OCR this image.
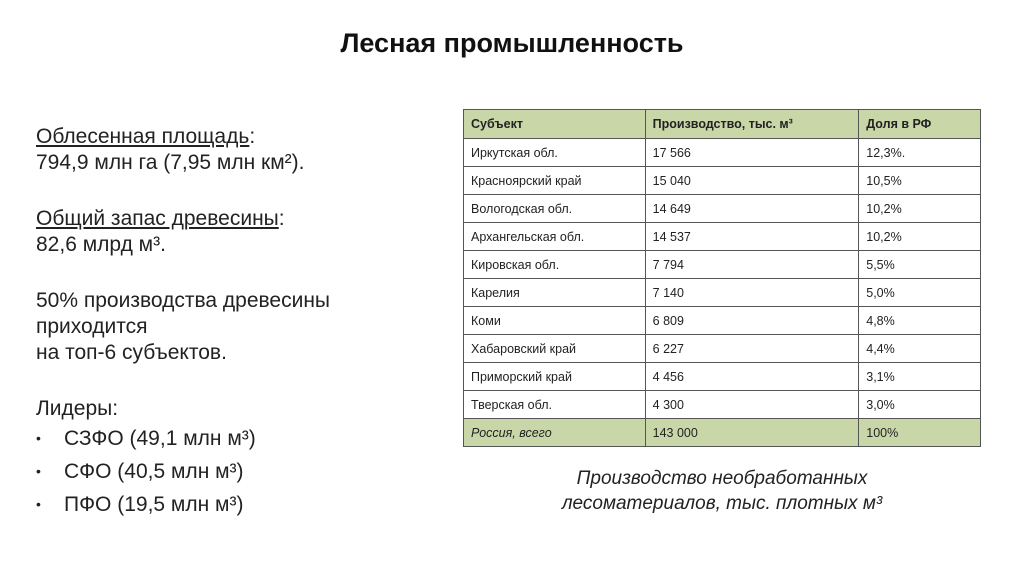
Лесная промышленность
Облесенная площадь:
794,9 млн га (7,95 млн км²).
Общий запас древесины:
82,6 млрд м³.
50% производства древесины
приходится
на топ-6 субъектов.
Лидеры:
• СЗФО (49,1 млн м³)
• СФО (40,5 млн м³)
• ПФО (19,5 млн м³)
Субъект	Производство, тыс. м³	Доля в РФ
Иркутская обл.	17 566	12,3%.
Красноярский край	15 040	10,5%
Вологодская обл.	14 649	10,2%
Архангельская обл.	14 537	10,2%
Кировская обл.	7 794	5,5%
Карелия	7 140	5,0%
Коми	6 809	4,8%
Хабаровский край	6 227	4,4%
Приморский край	4 456	3,1%
Тверская обл.	4 300	3,0%
Россия, всего	143 000	100%
Производство необработанных
лесоматериалов, тыс. плотных м³
